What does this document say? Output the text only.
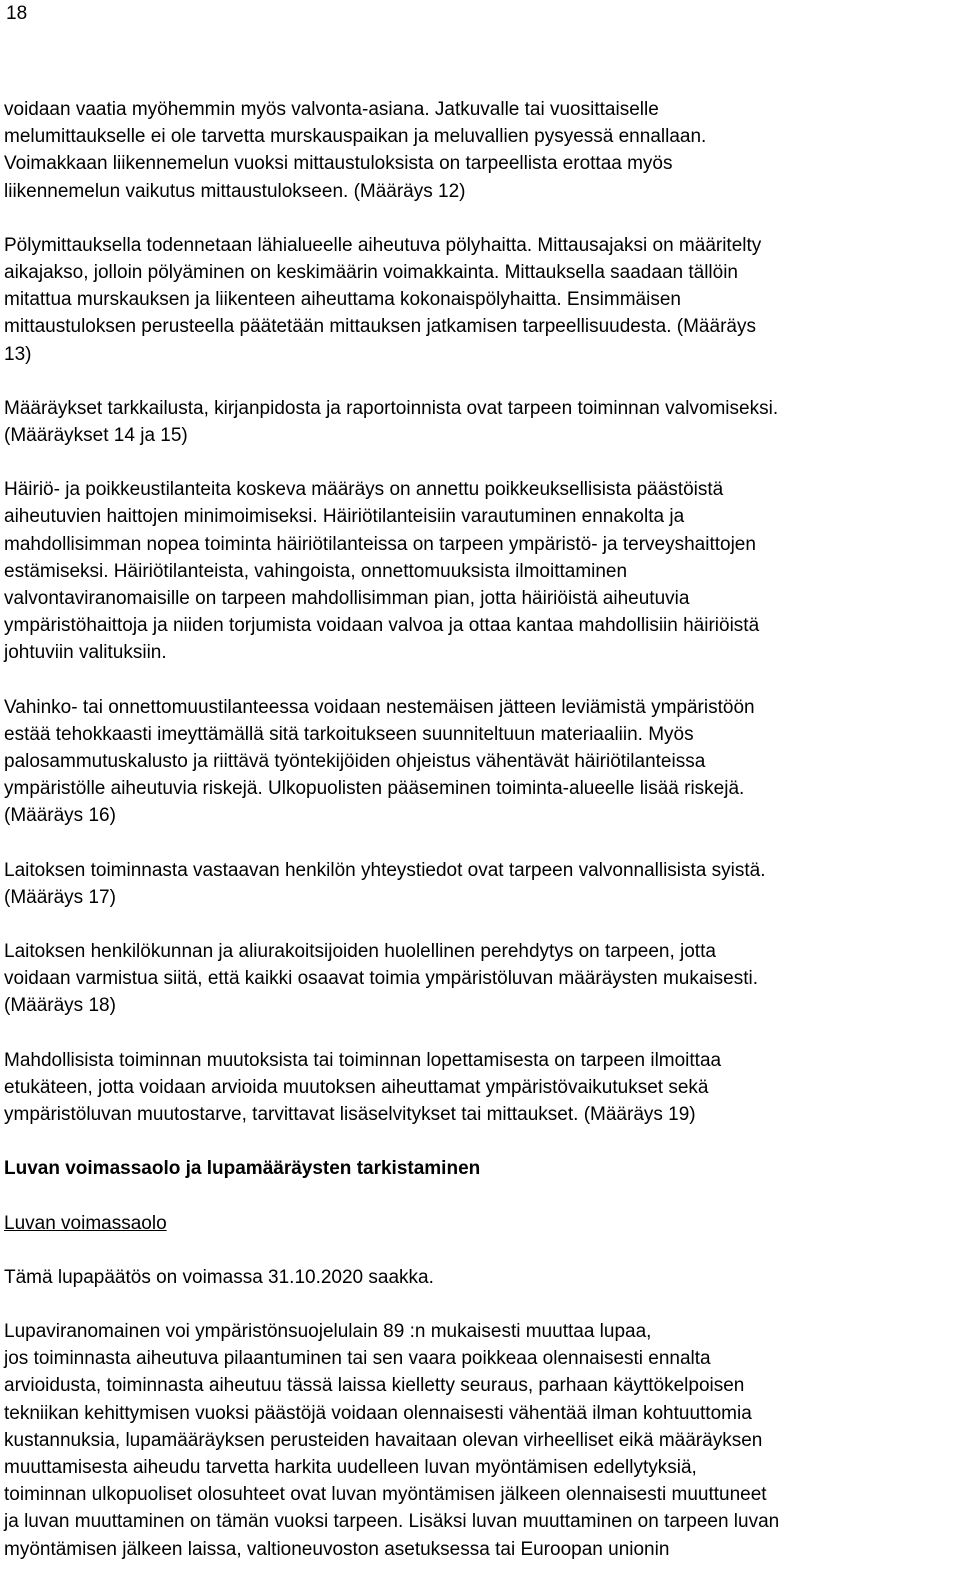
18
voidaan vaatia myöhemmin myös valvonta-asiana. Jatkuvalle tai vuosittaiselle
melumittaukselle ei ole tarvetta murskauspaikan ja meluvallien pysyessä ennallaan.
Voimakkaan liikennemelun vuoksi mittaustuloksista on tarpeellista erottaa myös
liikennemelun vaikutus mittaustulokseen. (Määräys 12)
Pölymittauksella todennetaan lähialueelle aiheutuva pölyhaitta. Mittausajaksi on määritelty
aikajakso, jolloin pölyäminen on keskimäärin voimakkainta. Mittauksella saadaan tällöin
mitattua murskauksen ja liikenteen aiheuttama kokonaispölyhaitta. Ensimmäisen
mittaustuloksen perusteella päätetään mittauksen jatkamisen tarpeellisuudesta. (Määräys
13)
Määräykset tarkkailusta, kirjanpidosta ja raportoinnista ovat tarpeen toiminnan valvomiseksi.
(Määräykset 14 ja 15)
Häiriö- ja poikkeustilanteita koskeva määräys on annettu poikkeuksellisista päästöistä
aiheutuvien haittojen minimoimiseksi. Häiriötilanteisiin varautuminen ennakolta ja
mahdollisimman nopea toiminta häiriötilanteissa on tarpeen ympäristö- ja terveyshaittojen
estämiseksi. Häiriötilanteista, vahingoista, onnettomuuksista ilmoittaminen
valvontaviranomaisille on tarpeen mahdollisimman pian, jotta häiriöistä aiheutuvia
ympäristöhaittoja ja niiden torjumista voidaan valvoa ja ottaa kantaa mahdollisiin häiriöistä
johtuviin valituksiin.
Vahinko- tai onnettomuustilanteessa voidaan nestemäisen jätteen leviämistä ympäristöön
estää tehokkaasti imeyttämällä sitä tarkoitukseen suunniteltuun materiaaliin. Myös
palosammutuskalusto ja riittävä työntekijöiden ohjeistus vähentävät häiriötilanteissa
ympäristölle aiheutuvia riskejä. Ulkopuolisten pääseminen toiminta-alueelle lisää riskejä.
(Määräys 16)
Laitoksen toiminnasta vastaavan henkilön yhteystiedot ovat tarpeen valvonnallisista syistä.
(Määräys 17)
Laitoksen henkilökunnan ja aliurakoitsijoiden huolellinen perehdytys on tarpeen, jotta
voidaan varmistua siitä, että kaikki osaavat toimia ympäristöluvan määräysten mukaisesti.
(Määräys 18)
Mahdollisista toiminnan muutoksista tai toiminnan lopettamisesta on tarpeen ilmoittaa
etukäteen, jotta voidaan arvioida muutoksen aiheuttamat ympäristövaikutukset sekä
ympäristöluvan muutostarve, tarvittavat lisäselvitykset tai mittaukset. (Määräys 19)
Luvan voimassaolo ja lupamääräysten tarkistaminen
Luvan voimassaolo
Tämä lupapäätös on voimassa 31.10.2020 saakka.
Lupaviranomainen voi ympäristönsuojelulain 89 :n mukaisesti muuttaa lupaa,
jos toiminnasta aiheutuva pilaantuminen tai sen vaara poikkeaa olennaisesti ennalta
arvioidusta, toiminnasta aiheutuu tässä laissa kielletty seuraus, parhaan käyttökelpoisen
tekniikan kehittymisen vuoksi päästöjä voidaan olennaisesti vähentää ilman kohtuuttomia
kustannuksia, lupamääräyksen perusteiden havaitaan olevan virheelliset eikä määräyksen
muuttamisesta aiheudu tarvetta harkita uudelleen luvan myöntämisen edellytyksiä,
toiminnan ulkopuoliset olosuhteet ovat luvan myöntämisen jälkeen olennaisesti muuttuneet
ja luvan muuttaminen on tämän vuoksi tarpeen. Lisäksi luvan muuttaminen on tarpeen luvan
myöntämisen jälkeen laissa, valtioneuvoston asetuksessa tai Euroopan unionin
